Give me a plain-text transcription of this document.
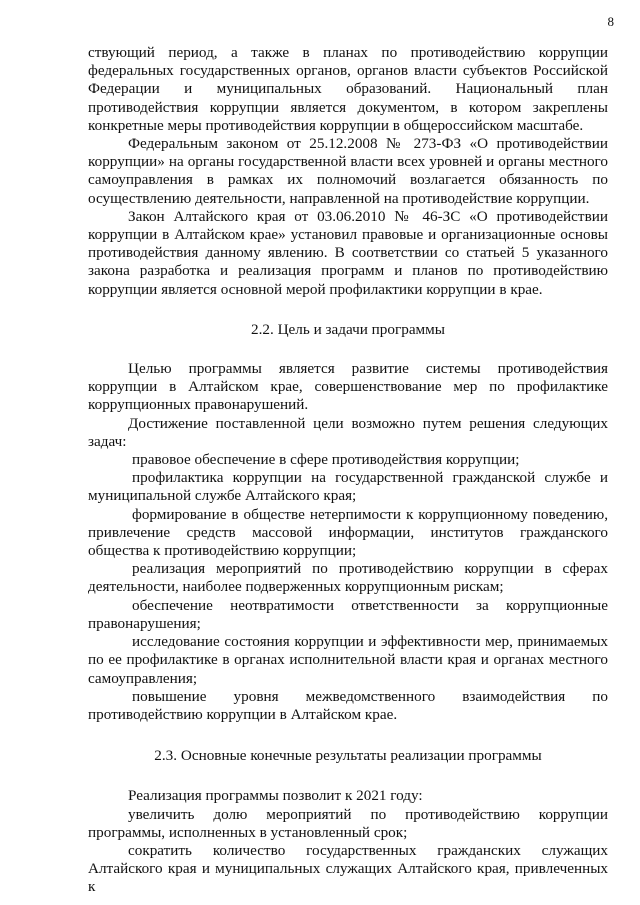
8

ствующий период, а также в планах по противодействию коррупции федеральных государственных органов, органов власти субъектов Российской Федерации и муниципальных образований. Национальный план противодействия коррупции является документом, в котором закреплены конкретные меры противодействия коррупции в общероссийском масштабе.

Федеральным законом от 25.12.2008 № 273-ФЗ «О противодействии коррупции» на органы государственной власти всех уровней и органы местного самоуправления в рамках их полномочий возлагается обязанность по осуществлению деятельности, направленной на противодействие коррупции.

Закон Алтайского края от 03.06.2010 № 46-ЗС «О противодействии коррупции в Алтайском крае» установил правовые и организационные основы противодействия данному явлению. В соответствии со статьей 5 указанного закона разработка и реализация программ и планов по противодействию коррупции является основной мерой профилактики коррупции в крае.

2.2. Цель и задачи программы

Целью программы является развитие системы противодействия коррупции в Алтайском крае, совершенствование мер по профилактике коррупционных правонарушений.

Достижение поставленной цели возможно путем решения следующих задач:

правовое обеспечение в сфере противодействия коррупции;

профилактика коррупции на государственной гражданской службе и муниципальной службе Алтайского края;

формирование в обществе нетерпимости к коррупционному поведению, привлечение средств массовой информации, институтов гражданского общества к противодействию коррупции;

реализация мероприятий по противодействию коррупции в сферах деятельности, наиболее подверженных коррупционным рискам;

обеспечение неотвратимости ответственности за коррупционные правонарушения;

исследование состояния коррупции и эффективности мер, принимаемых по ее профилактике в органах исполнительной власти края и органах местного самоуправления;

повышение уровня межведомственного взаимодействия по противодействию коррупции в Алтайском крае.

2.3. Основные конечные результаты реализации программы

Реализация программы позволит к 2021 году:

увеличить долю мероприятий по противодействию коррупции программы, исполненных в установленный срок;

сократить количество государственных гражданских служащих Алтайского края и муниципальных служащих Алтайского края, привлеченных к
